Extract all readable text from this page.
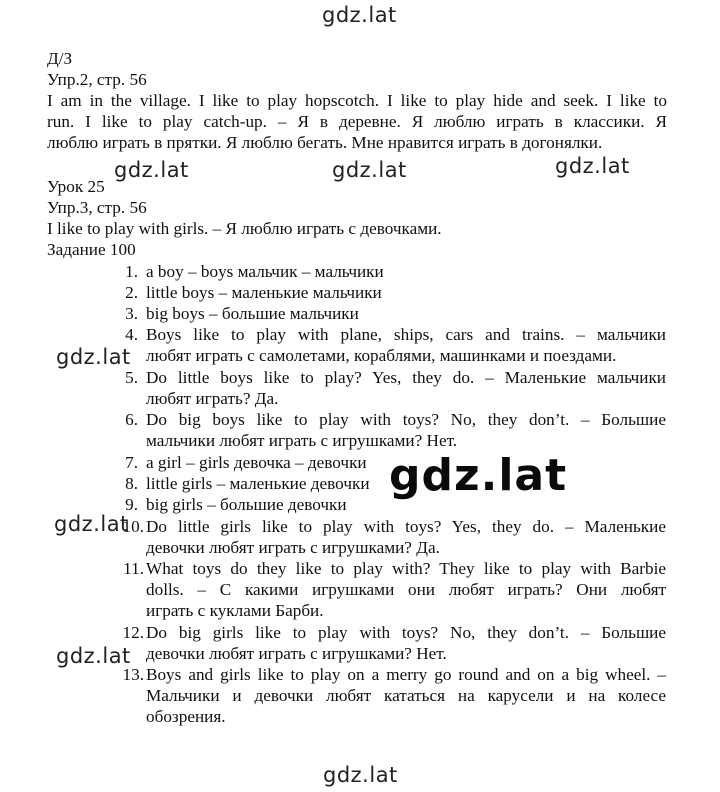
gdz.lat
gdz.lat	gdz.lat	gdz.lat
gdz.lat
gdz.lat
gdz.lat
gdz.lat
gdz.lat
Д/З
Упр.2, стр. 56
I am in the village. I like to play hopscotch. I like to play hide and seek. I like to
run. I like to play catch-up. – Я в деревне. Я люблю играть в классики. Я
люблю играть в прятки. Я люблю бегать. Мне нравится играть в догонялки.
Урок 25
Упр.3, стр. 56
I like to play with girls. – Я люблю играть с девочками.
Задание 100
1. a boy – boys мальчик – мальчики
2. little boys – маленькие мальчики
3. big boys – большие мальчики
4. Boys like to play with plane, ships, cars and trains. – мальчики
любят играть с самолетами, кораблями, машинками и поездами.
5. Do little boys like to play? Yes, they do. – Маленькие мальчики
любят играть? Да.
6. Do big boys like to play with toys? No, they don’t. – Большие
мальчики любят играть с игрушками? Нет.
7. a girl – girls девочка – девочки
8. little girls – маленькие девочки
9. big girls – большие девочки
10. Do little girls like to play with toys? Yes, they do. – Маленькие
девочки любят играть с игрушками? Да.
11. What toys do they like to play with? They like to play with Barbie
dolls. – С какими игрушками они любят играть? Они любят
играть с куклами Барби.
12. Do big girls like to play with toys? No, they don’t. – Большие
девочки любят играть с игрушками? Нет.
13. Boys and girls like to play on a merry go round and on a big wheel. –
Мальчики и девочки любят кататься на карусели и на колесе
обозрения.
